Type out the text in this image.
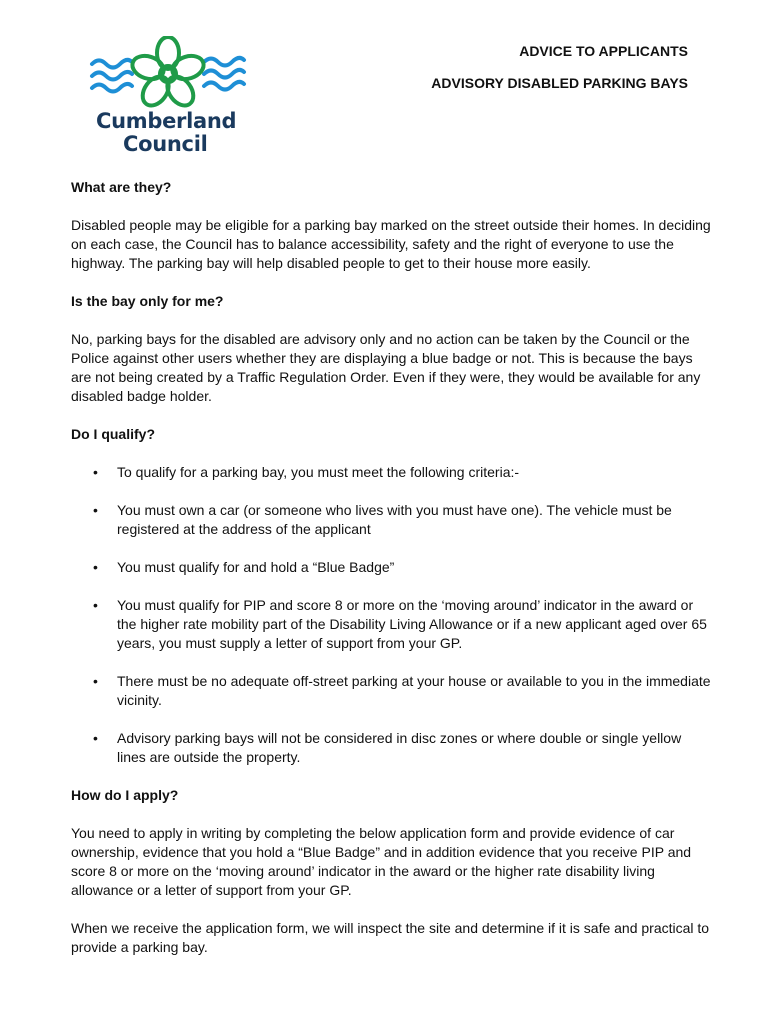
Cumberland
Council
ADVICE TO APPLICANTS
ADVISORY DISABLED PARKING BAYS
What are they?

Disabled people may be eligible for a parking bay marked on the street outside their homes. In deciding on each case, the Council has to balance accessibility, safety and the right of everyone to use the highway. The parking bay will help disabled people to get to their house more easily.

Is the bay only for me?

No, parking bays for the disabled are advisory only and no action can be taken by the Council or the Police against other users whether they are displaying a blue badge or not. This is because the bays are not being created by a Traffic Regulation Order. Even if they were, they would be available for any disabled badge holder.

Do I qualify?
• To qualify for a parking bay, you must meet the following criteria:-
• You must own a car (or someone who lives with you must have one). The vehicle must be registered at the address of the applicant
• You must qualify for and hold a “Blue Badge”
• You must qualify for PIP and score 8 or more on the ‘moving around’ indicator in the award or the higher rate mobility part of the Disability Living Allowance or if a new applicant aged over 65 years, you must supply a letter of support from your GP.
• There must be no adequate off-street parking at your house or available to you in the immediate vicinity.
• Advisory parking bays will not be considered in disc zones or where double or single yellow lines are outside the property.
How do I apply?

You need to apply in writing by completing the below application form and provide evidence of car ownership, evidence that you hold a “Blue Badge” and in addition evidence that you receive PIP and score 8 or more on the ‘moving around’ indicator in the award or the higher rate disability living allowance or a letter of support from your GP.

When we receive the application form, we will inspect the site and determine if it is safe and practical to provide a parking bay.
